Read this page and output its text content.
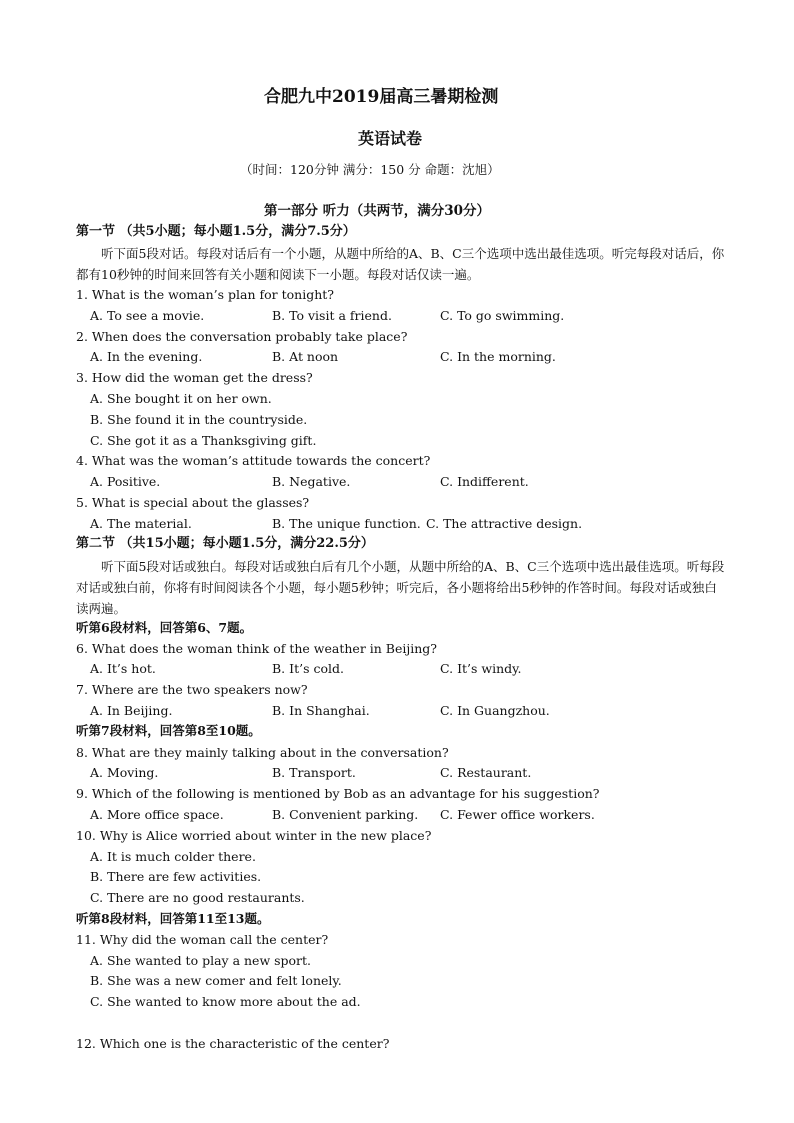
合肥九中2019届高三暑期检测
英语试卷
（时间：120分钟 满分：150 分 命题：沈旭）
第一部分 听力（共两节，满分30分）
第一节 （共5小题；每小题1.5分，满分7.5分）
听下面5段对话。每段对话后有一个小题，从题中所给的A、B、C三个选项中选出最佳选项。听完每段对话后，你都有10秒钟的时间来回答有关小题和阅读下一小题。每段对话仅读一遍。
1. What is the woman’s plan for tonight?
A. To see a movie.	B. To visit a friend.	C. To go swimming.
2. When does the conversation probably take place?
A. In the evening.	B. At noon	C. In the morning.
3. How did the woman get the dress?
A. She bought it on her own.
B. She found it in the countryside.
C. She got it as a Thanksgiving gift.
4. What was the woman’s attitude towards the concert?
A. Positive.	B. Negative.	C. Indifferent.
5. What is special about the glasses?
A. The material.	B. The unique function. C. The attractive design.
第二节 （共15小题；每小题1.5分，满分22.5分）
听下面5段对话或独白。每段对话或独白后有几个小题，从题中所给的A、B、C三个选项中选出最佳选项。听每段对话或独白前，你将有时间阅读各个小题，每小题5秒钟；听完后，各小题将给出5秒钟的作答时间。每段对话或独白读两遍。
听第6段材料，回答第6、7题。
6. What does the woman think of the weather in Beijing?
A. It’s hot.	B. It’s cold.	C. It’s windy.
7. Where are the two speakers now?
A. In Beijing.	B. In Shanghai.	C. In Guangzhou.
听第7段材料，回答第8至10题。
8. What are they mainly talking about in the conversation?
A. Moving.	B. Transport.	C. Restaurant.
9. Which of the following is mentioned by Bob as an advantage for his suggestion?
A. More office space.	B. Convenient parking. C. Fewer office workers.
10. Why is Alice worried about winter in the new place?
A. It is much colder there.
B. There are few activities.
C. There are no good restaurants.
听第8段材料，回答第11至13题。
11. Why did the woman call the center?
A. She wanted to play a new sport.
B. She was a new comer and felt lonely.
C. She wanted to know more about the ad.
12. Which one is the characteristic of the center?
